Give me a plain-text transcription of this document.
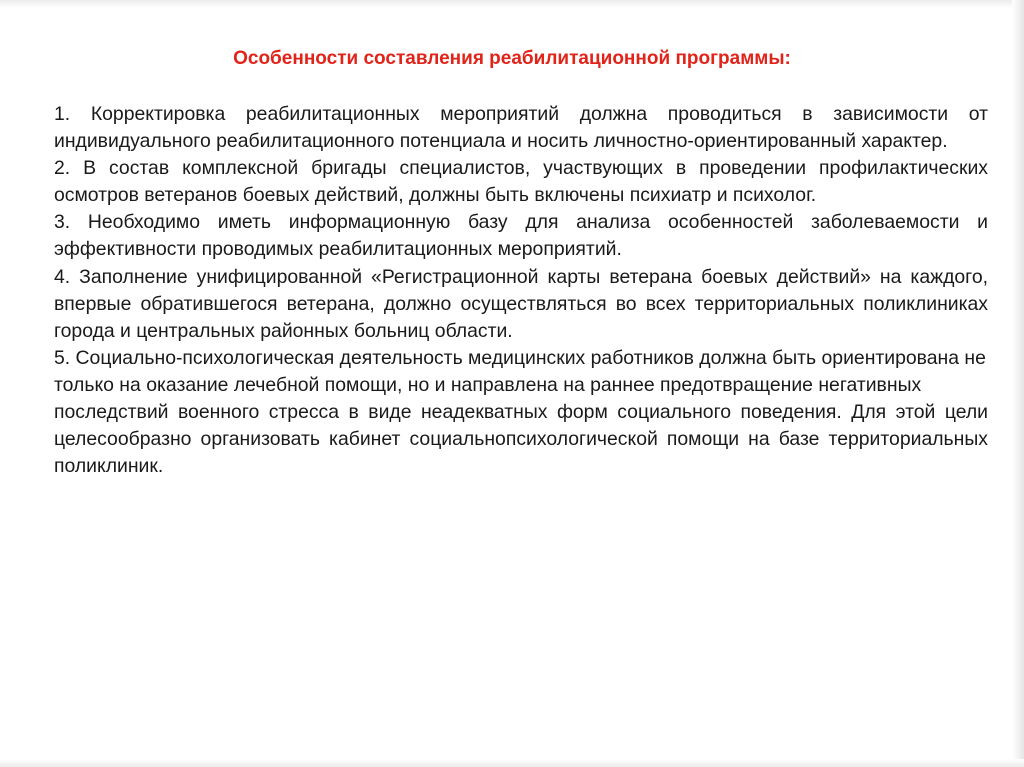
Особенности составления реабилитационной программы:

1. Корректировка реабилитационных мероприятий должна проводиться в зависимости от индивидуального реабилитационного потенциала и носить личностно-ориентированный характер.

2. В состав комплексной бригады специалистов, участвующих в проведении профилактических осмотров ветеранов боевых действий, должны быть включены психиатр и психолог.

3. Необходимо иметь информационную базу для анализа особенностей заболеваемости и эффективности проводимых реабилитационных мероприятий.

4. Заполнение унифицированной «Регистрационной карты ветерана боевых действий» на каждого, впервые обратившегося ветерана, должно осуществляться во всех территориальных поликлиниках города и центральных районных больниц области.

5. Социально-психологическая деятельность медицинских работников должна быть ориентирована не только на оказание лечебной помощи, но и направлена на раннее предотвращение негативных

последствий военного стресса в виде неадекватных форм социального поведения. Для этой цели целесообразно организовать кабинет социальнопсихологической помощи на базе территориальных поликлиник.
